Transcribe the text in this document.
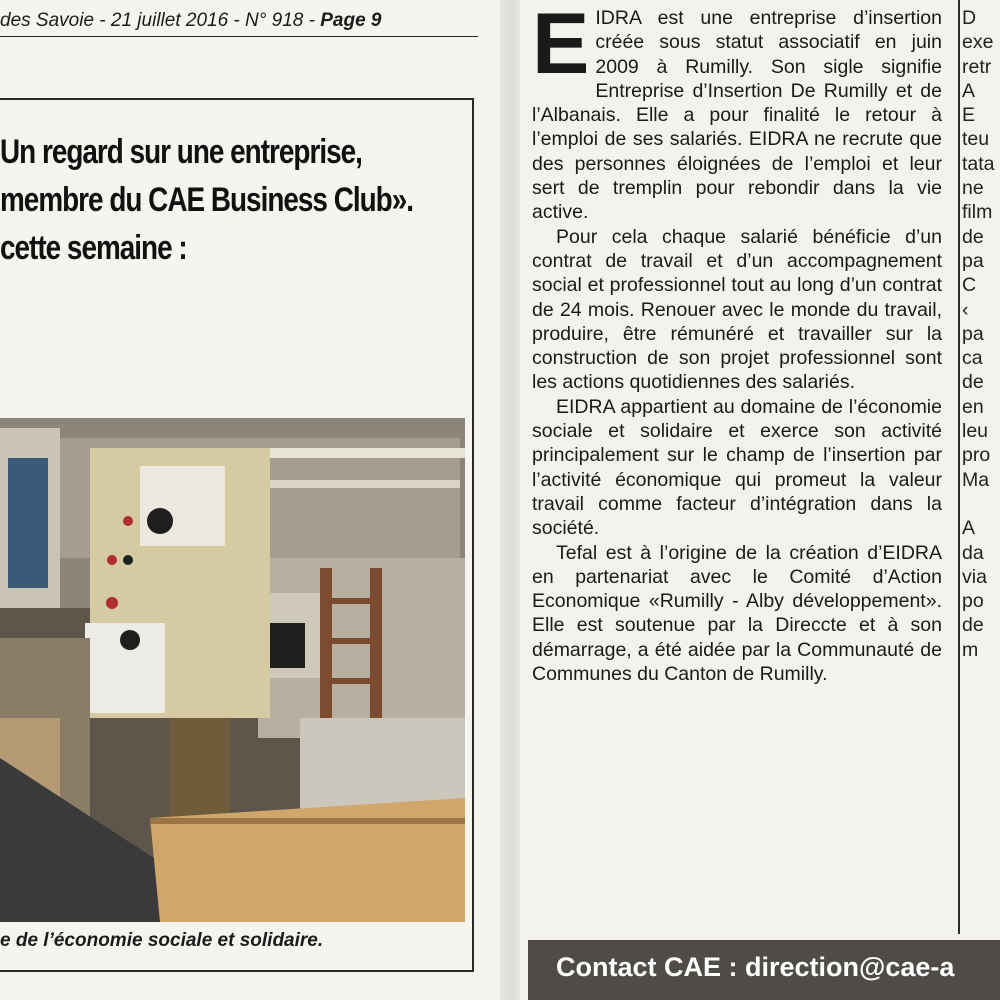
des Savoie - 21 juillet 2016 - N° 918 - Page 9
Un regard sur une entreprise,
membre du CAE Business Club».
cette semaine :
e de l’économie sociale et solidaire.

EIDRA est une entreprise d’insertion créée sous statut associatif en juin 2009 à Rumilly. Son sigle signifie Entreprise d’Insertion De Rumilly et de l’Albanais. Elle a pour finalité le retour à l’emploi de ses salariés. EIDRA ne recrute que des personnes éloignées de l’emploi et leur sert de tremplin pour rebondir dans la vie active.

Pour cela chaque salarié bénéficie d’un contrat de travail et d’un accompagnement social et professionnel tout au long d’un contrat de 24 mois. Renouer avec le monde du travail, produire, être rémunéré et travailler sur la construction de son projet professionnel sont les actions quotidiennes des salariés.

EIDRA appartient au domaine de l’économie sociale et solidaire et exerce son activité principalement sur le champ de l’insertion par l’activité économique qui promeut la valeur travail comme facteur d’intégration dans la société.

Tefal est à l’origine de la création d’EIDRA en partenariat avec le Comité d’Action Economique «Rumilly - Alby développement». Elle est soutenue par la Direccte et à son démarrage, a été aidée par la Communauté de Communes du Canton de Rumilly.

D
exe
retr
A
E
teu
tata
ne
film
de
pa
C
‹
pa
ca
de
en
leu
pro
Ma
A
da
via
po
de
m
Contact CAE : direction@cae-a
